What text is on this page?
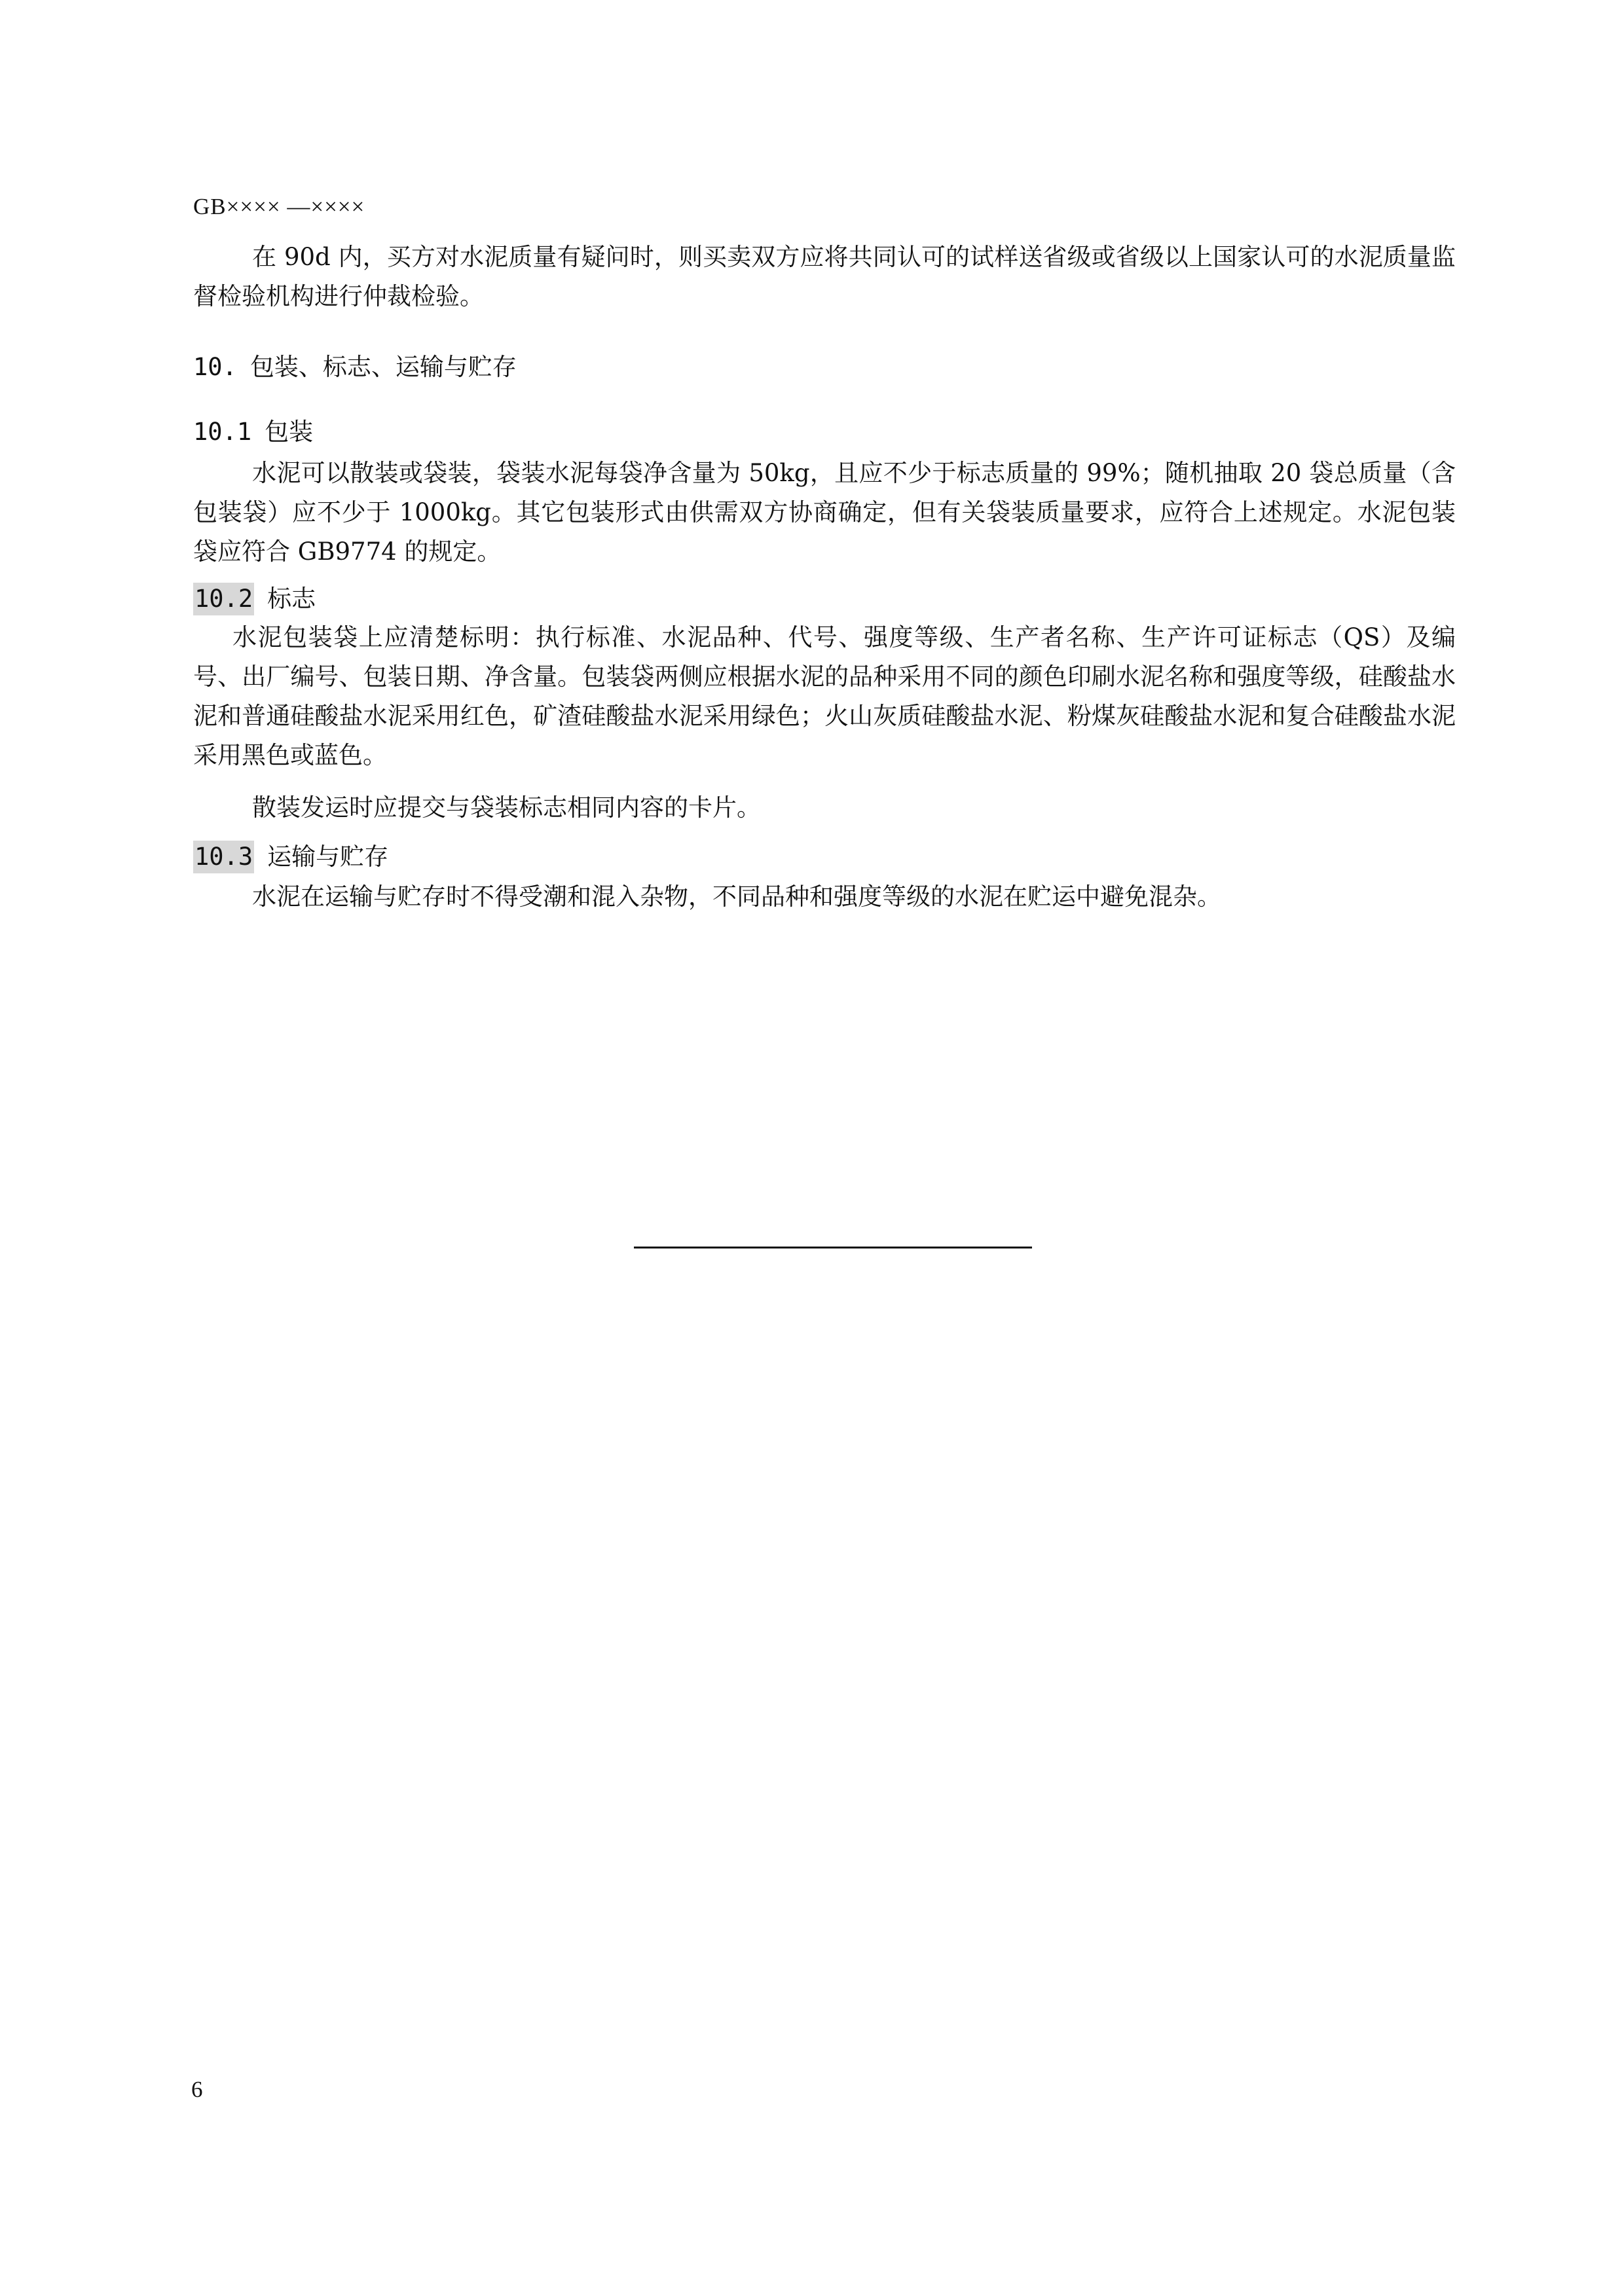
GB×××× —××××

在 90d 内，买方对水泥质量有疑问时，则买卖双方应将共同认可的试样送省级或省级以上国家认可的水泥质量监督检验机构进行仲裁检验。

10. 包装、标志、运输与贮存
10.1 包装

水泥可以散装或袋装，袋装水泥每袋净含量为 50kg，且应不少于标志质量的 99%；随机抽取 20 袋总质量（含包装袋）应不少于 1000kg。其它包装形式由供需双方协商确定，但有关袋装质量要求，应符合上述规定。水泥包装袋应符合 GB9774 的规定。

10.2 标志

水泥包装袋上应清楚标明：执行标准、水泥品种、代号、强度等级、生产者名称、生产许可证标志（QS）及编号、出厂编号、包装日期、净含量。包装袋两侧应根据水泥的品种采用不同的颜色印刷水泥名称和强度等级，硅酸盐水泥和普通硅酸盐水泥采用红色，矿渣硅酸盐水泥采用绿色；火山灰质硅酸盐水泥、粉煤灰硅酸盐水泥和复合硅酸盐水泥采用黑色或蓝色。

散装发运时应提交与袋装标志相同内容的卡片。

10.3 运输与贮存

水泥在运输与贮存时不得受潮和混入杂物，不同品种和强度等级的水泥在贮运中避免混杂。

6
